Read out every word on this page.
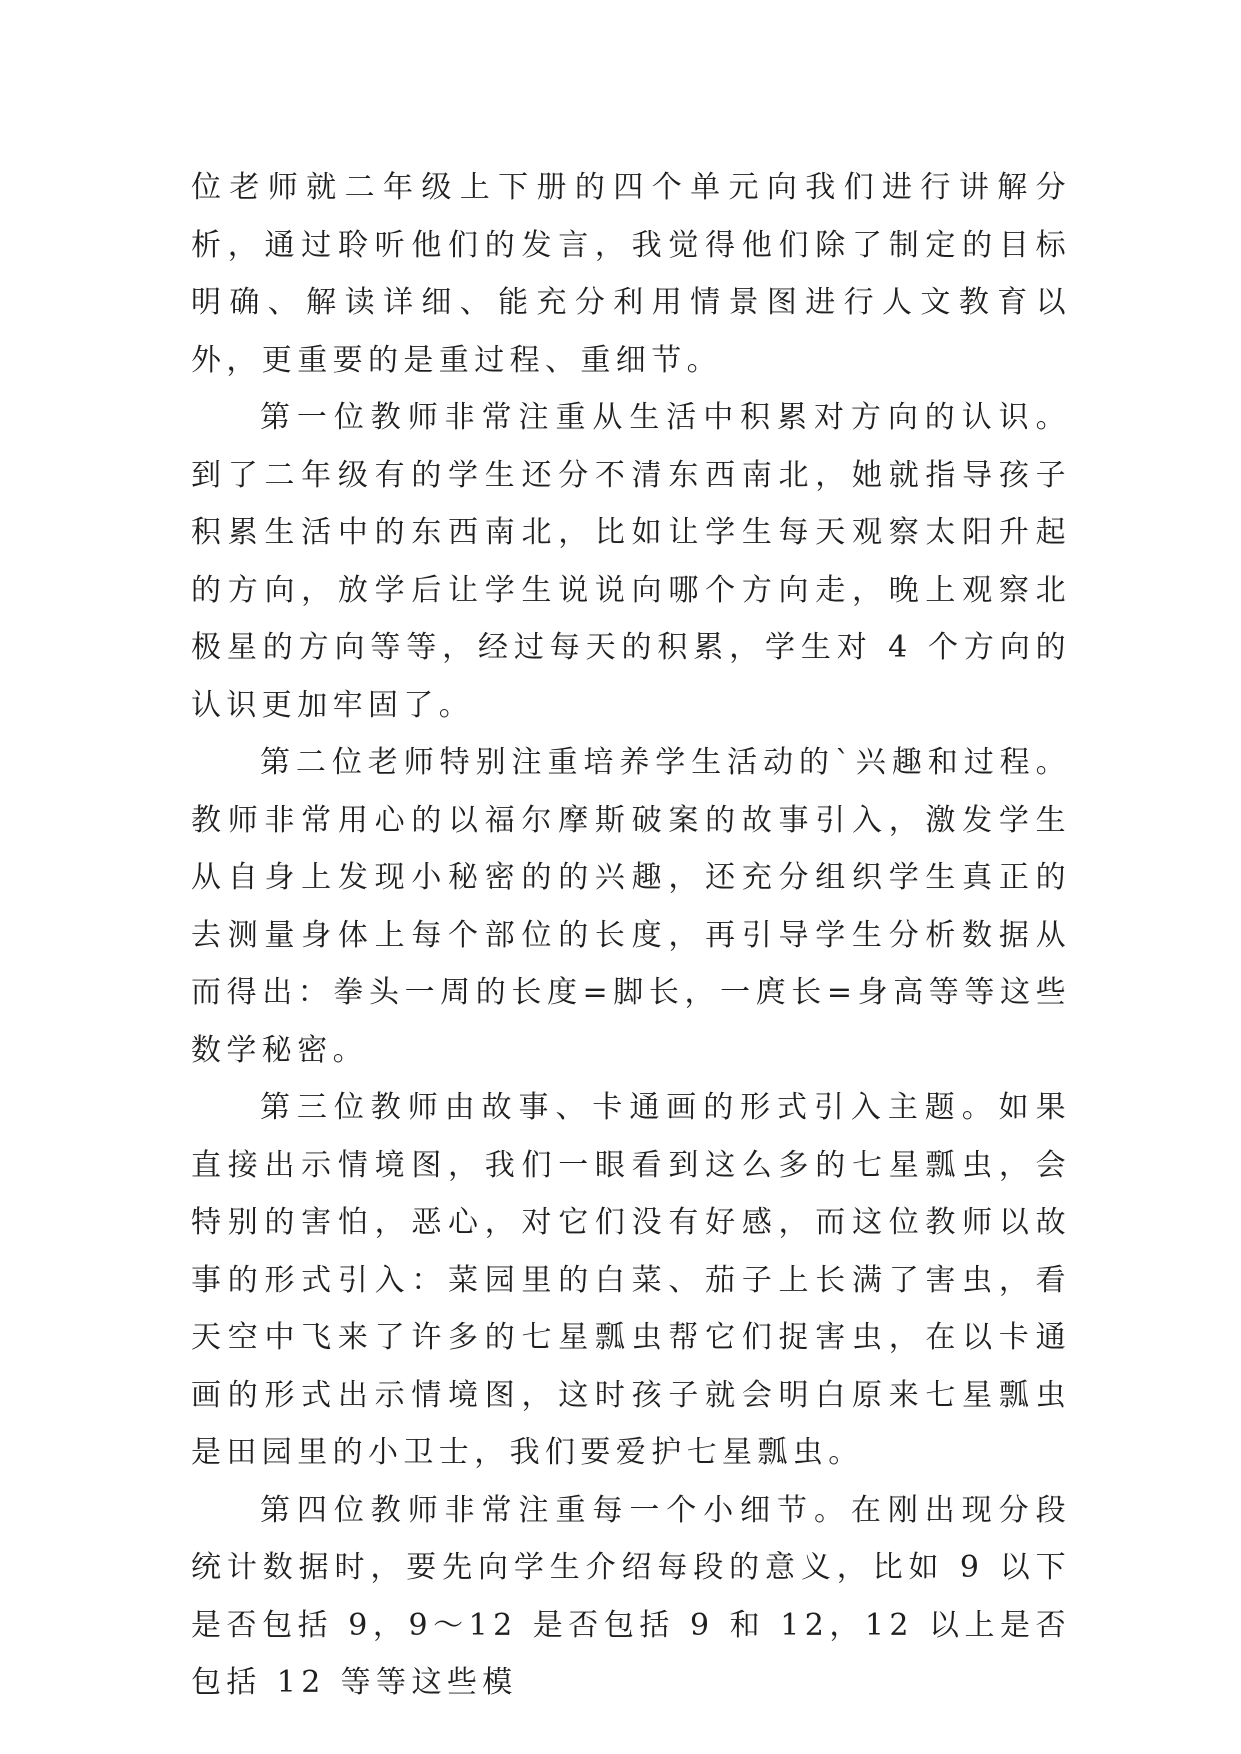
位老师就二年级上下册的四个单元向我们进行讲解分析，通过聆听他们的发言，我觉得他们除了制定的目标明确、解读详细、能充分利用情景图进行人文教育以外，更重要的是重过程、重细节。

第一位教师非常注重从生活中积累对方向的认识。到了二年级有的学生还分不清东西南北，她就指导孩子积累生活中的东西南北，比如让学生每天观察太阳升起的方向，放学后让学生说说向哪个方向走，晚上观察北极星的方向等等，经过每天的积累，学生对 4 个方向的认识更加牢固了。

第二位老师特别注重培养学生活动的`兴趣和过程。教师非常用心的以福尔摩斯破案的故事引入，激发学生从自身上发现小秘密的的兴趣，还充分组织学生真正的去测量身体上每个部位的长度，再引导学生分析数据从而得出：拳头一周的长度=脚长，一庹长=身高等等这些数学秘密。

第三位教师由故事、卡通画的形式引入主题。如果直接出示情境图，我们一眼看到这么多的七星瓢虫，会特别的害怕，恶心，对它们没有好感，而这位教师以故事的形式引入：菜园里的白菜、茄子上长满了害虫，看天空中飞来了许多的七星瓢虫帮它们捉害虫，在以卡通画的形式出示情境图，这时孩子就会明白原来七星瓢虫是田园里的小卫士，我们要爱护七星瓢虫。

第四位教师非常注重每一个小细节。在刚出现分段统计数据时，要先向学生介绍每段的意义，比如 9 以下是否包括 9，9～12 是否包括 9 和 12，12 以上是否包括 12 等等这些模
